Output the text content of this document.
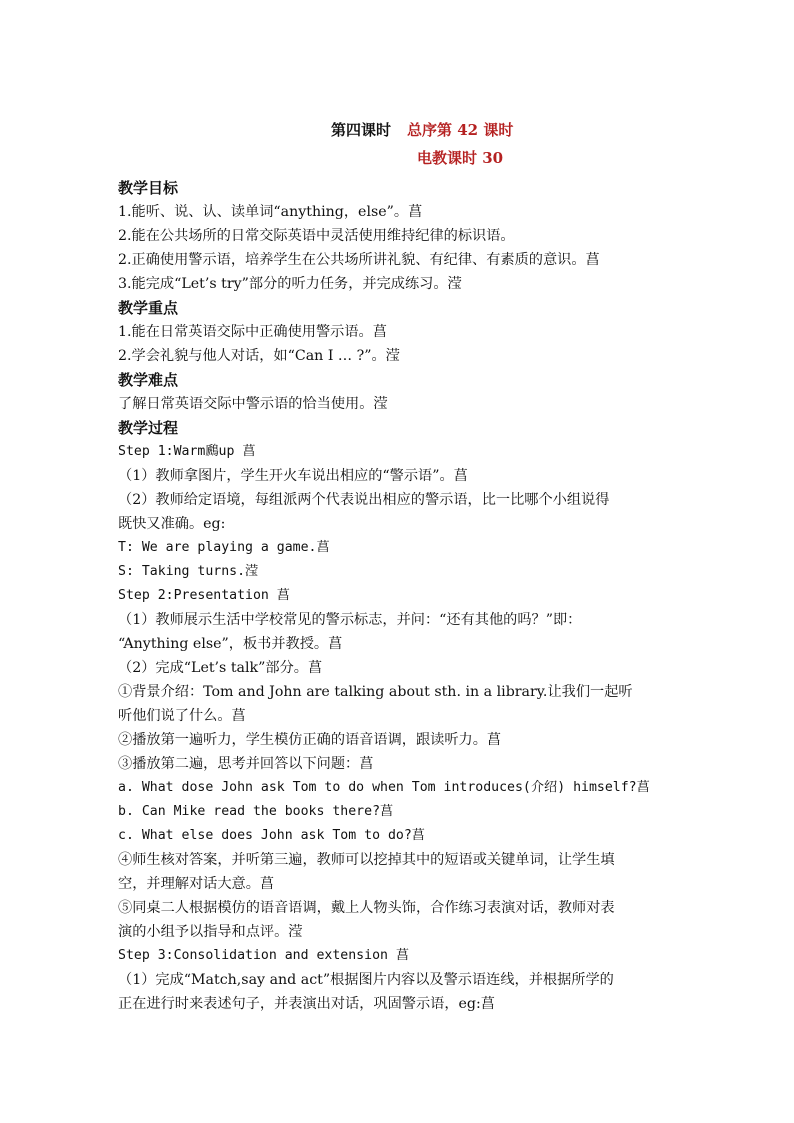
第四课时 总序第 42 课时
电教课时 30
教学目标
1.能听、说、认、读单词“anything，else”。菖
2.能在公共场所的日常交际英语中灵活使用维持纪律的标识语。
2.正确使用警示语，培养学生在公共场所讲礼貌、有纪律、有素质的意识。菖
3.能完成“Let’s try”部分的听力任务，并完成练习。滢
教学重点
1.能在日常英语交际中正确使用警示语。菖
2.学会礼貌与他人对话，如“Can I … ?”。滢
教学难点
了解日常英语交际中警示语的恰当使用。滢
教学过程
Step 1:Warm鷉up 菖
（1）教师拿图片，学生开火车说出相应的“警示语”。菖
（2）教师给定语境，每组派两个代表说出相应的警示语，比一比哪个小组说得
既快又准确。eg:
T: We are playing a game.菖
S: Taking turns.滢
Step 2:Presentation 菖
（1）教师展示生活中学校常见的警示标志，并问：“还有其他的吗？”即：
“Anything else”，板书并教授。菖
（2）完成“Let’s talk”部分。菖
①背景介绍：Tom and John are talking about sth. in a library.让我们一起听
听他们说了什么。菖
②播放第一遍听力，学生模仿正确的语音语调，跟读听力。菖
③播放第二遍，思考并回答以下问题：菖
a. What dose John ask Tom to do when Tom introduces(介绍) himself?菖
b. Can Mike read the books there?菖
c. What else does John ask Tom to do?菖
④师生核对答案，并听第三遍，教师可以挖掉其中的短语或关键单词，让学生填
空，并理解对话大意。菖
⑤同桌二人根据模仿的语音语调，戴上人物头饰，合作练习表演对话，教师对表
演的小组予以指导和点评。滢
Step 3:Consolidation and extension 菖
（1）完成“Match,say and act”根据图片内容以及警示语连线，并根据所学的
正在进行时来表述句子，并表演出对话，巩固警示语，eg:菖
